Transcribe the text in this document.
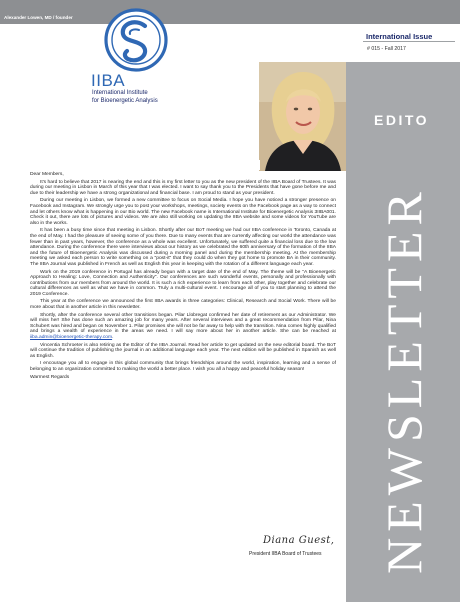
Alexander Lowen, MD / founder
International Issue
# 015 - Fall 2017
IIBA
International Institute
for Bioenergetic Analysis
EDITO
NEWSLETTER

Dear Members,

It's hard to believe that 2017 is nearing the end and this is my first letter to you as the new president of the IIBA Board of Trustees. It was during our meeting in Lisbon in March of this year that I was elected. I want to say thank you to the Presidents that have gone before me and due to their leadership we have a strong organizational and financial base. I am proud to stand as your president.

During our meeting in Lisbon, we formed a new committee to focus on Social Media. I hope you have noticed a stronger presence on Facebook and Instagram. We strongly urge you to post your workshops, meetings, society events on the Facebook page as a way to connect and let others know what is happening in our Bio world. The new Facebook name is International Institute for Bioenergetic Analysis 3IIBA001. Check it out, there are lots of pictures and videos. We are also still working on updating the IIBA website and some videos for YouTube are also in the works.

It has been a busy time since that meeting in Lisbon. Shortly after our BoT meeting we had our IIBA conference in Toronto, Canada at the end of May. I had the pleasure of seeing some of you there. Due to many events that are currently affecting our world the attendance was fewer than in past years, however, the conference as a whole was excellent. Unfortunately, we suffered quite a financial loss due to the low attendance. During the conference there were interviews about our history as we celebrated the 60th anniversary of the formation of the IIBA and the future of Bioenergetic Analysis was discussed during a morning panel and during the membership meeting. At the membership meeting we asked each person to write something on a "post-it" that they could do when they got home to promote BA in their community. The IIBA Journal was published in French as well as English this year in keeping with the rotation of a different language each year.

Work on the 2019 conference in Portugal has already begun with a target date of the end of May. The theme will be "A Bioenergetic Approach to Healing: Love, Connection and Authenticity". Our conferences are such wonderful events, personally and professionally with contributions from our members from around the world. It is such a rich experience to learn from each other, play together and celebrate our cultural differences as well as what we have in common. Truly a multi-cultural event. I encourage all of you to start planning to attend the 2019 Conference.

This year at the conference we announced the first IIBA awards in three categories: Clinical, Research and Social Work. There will be more about that in another article in this newsletter.

Shortly, after the conference several other transitions began. Pilar Llobregat confirmed her date of retirement as our Administrator. We will miss her! She has done such an amazing job for many years. After several interviews and a great recommendation from Pilar, Nina Schubert was hired and began on November 1. Pilar promises she will not be far away to help with the transition. Nina comes highly qualified and brings a wealth of experience in the areas we need. I will say more about her in another article. She can be reached at iiba.admin@bioenergetic-therapy.com.

Vincentia Schroeter is also retiring as the Editor of the IIBA Journal. Read her article to get updated on the new editorial board. The BoT will continue the tradition of publishing the journal in an additional language each year. The next edition will be published in Spanish as well as English.

I encourage you all to engage in this global community that brings friendships around the world, inspiration, learning and a sense of belonging to an organization committed to making the world a better place. I wish you all a happy and peaceful holiday season!

Warmest Regards

Diana Guest,
President IIBA Board of Trustees
